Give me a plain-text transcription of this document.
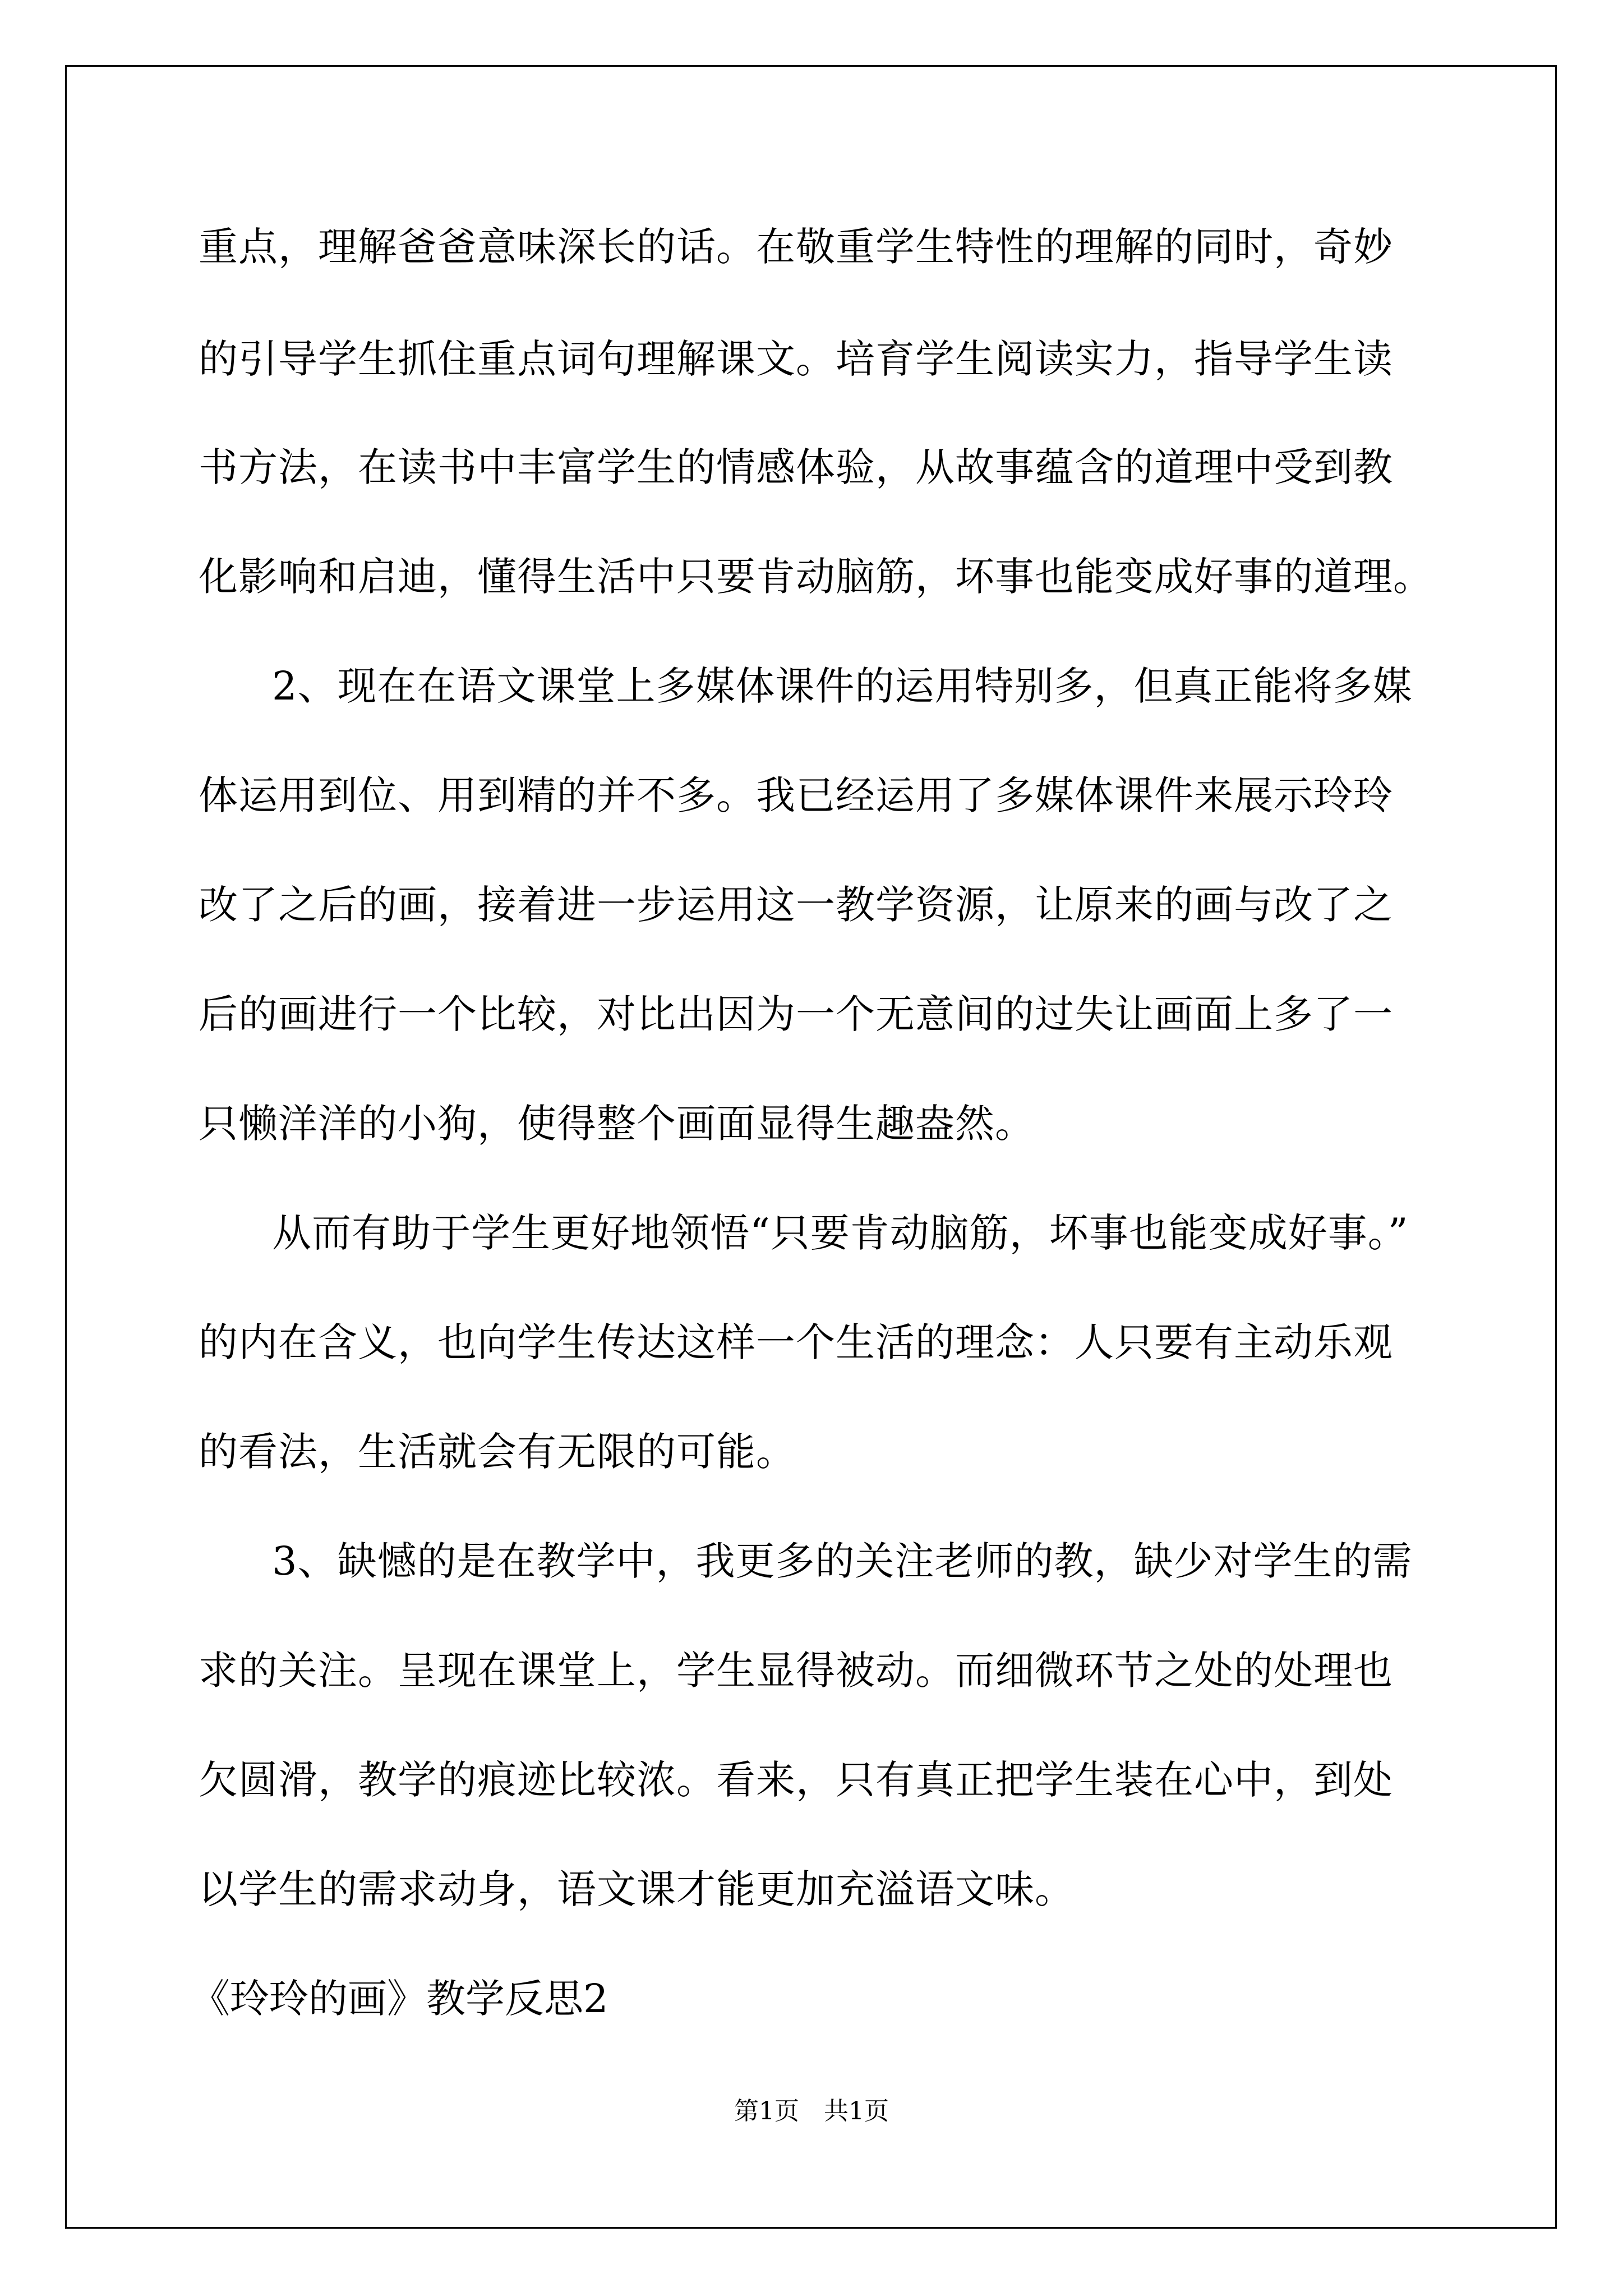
重点，理解爸爸意味深长的话。在敬重学生特性的理解的同时，奇妙
的引导学生抓住重点词句理解课文。培育学生阅读实力，指导学生读
书方法，在读书中丰富学生的情感体验，从故事蕴含的道理中受到教
化影响和启迪，懂得生活中只要肯动脑筋，坏事也能变成好事的道理。
2、现在在语文课堂上多媒体课件的运用特别多，但真正能将多媒
体运用到位、用到精的并不多。我已经运用了多媒体课件来展示玲玲
改了之后的画，接着进一步运用这一教学资源，让原来的画与改了之
后的画进行一个比较，对比出因为一个无意间的过失让画面上多了一
只懒洋洋的小狗，使得整个画面显得生趣盎然。
从而有助于学生更好地领悟“只要肯动脑筋，坏事也能变成好事。”
的内在含义，也向学生传达这样一个生活的理念：人只要有主动乐观
的看法，生活就会有无限的可能。
3、缺憾的是在教学中，我更多的关注老师的教，缺少对学生的需
求的关注。呈现在课堂上，学生显得被动。而细微环节之处的处理也
欠圆滑，教学的痕迹比较浓。看来，只有真正把学生装在心中，到处
以学生的需求动身，语文课才能更加充溢语文味。
《玲玲的画》教学反思2
第1页　共1页
